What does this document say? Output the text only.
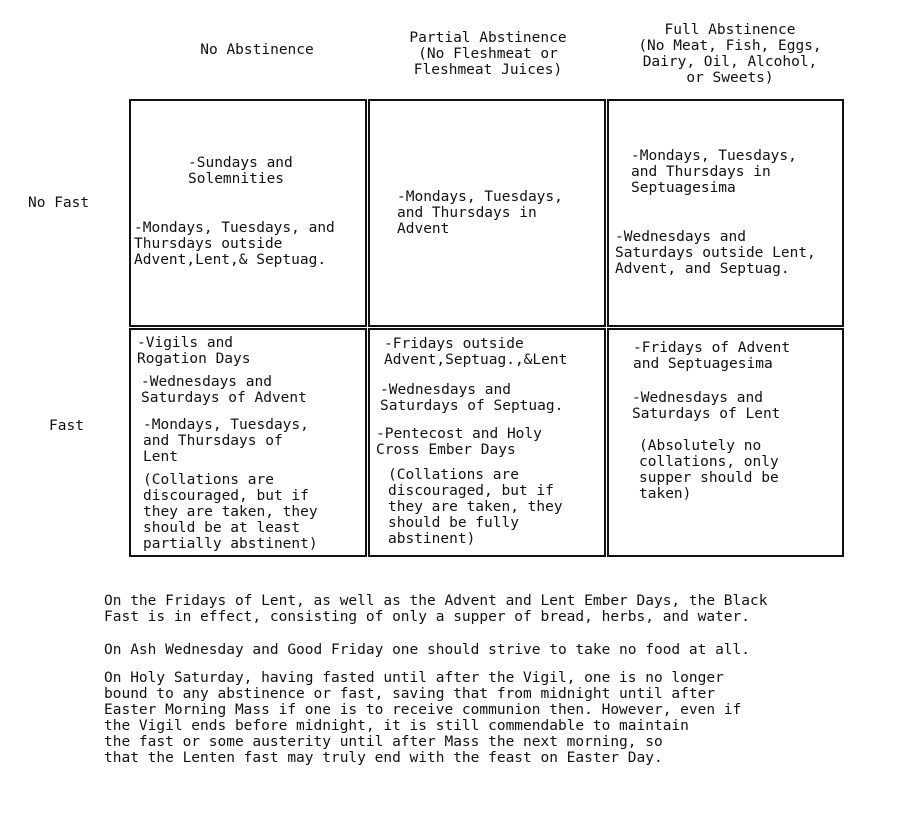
No Abstinence
Partial Abstinence
(No Fleshmeat or
Fleshmeat Juices)
Full Abstinence
(No Meat, Fish, Eggs,
Dairy, Oil, Alcohol,
or Sweets)
No Fast
Fast
-Sundays and
Solemnities
-Mondays, Tuesdays, and
Thursdays outside
Advent,Lent,& Septuag.
-Mondays, Tuesdays,
and Thursdays in
Advent
-Mondays, Tuesdays,
and Thursdays in
Septuagesima
-Wednesdays and
Saturdays outside Lent,
Advent, and Septuag.
-Vigils and
Rogation Days
-Wednesdays and
Saturdays of Advent
-Mondays, Tuesdays,
and Thursdays of
Lent
(Collations are
discouraged, but if
they are taken, they
should be at least
partially abstinent)
-Fridays outside
Advent,Septuag.,&Lent
-Wednesdays and
Saturdays of Septuag.
-Pentecost and Holy
Cross Ember Days
(Collations are
discouraged, but if
they are taken, they
should be fully
abstinent)
-Fridays of Advent
and Septuagesima
-Wednesdays and
Saturdays of Lent
(Absolutely no
collations, only
supper should be
taken)
On the Fridays of Lent, as well as the Advent and Lent Ember Days, the Black
Fast is in effect, consisting of only a supper of bread, herbs, and water.
On Ash Wednesday and Good Friday one should strive to take no food at all.
On Holy Saturday, having fasted until after the Vigil, one is no longer
bound to any abstinence or fast, saving that from midnight until after
Easter Morning Mass if one is to receive communion then. However, even if
the Vigil ends before midnight, it is still commendable to maintain
the fast or some austerity until after Mass the next morning, so
that the Lenten fast may truly end with the feast on Easter Day.
